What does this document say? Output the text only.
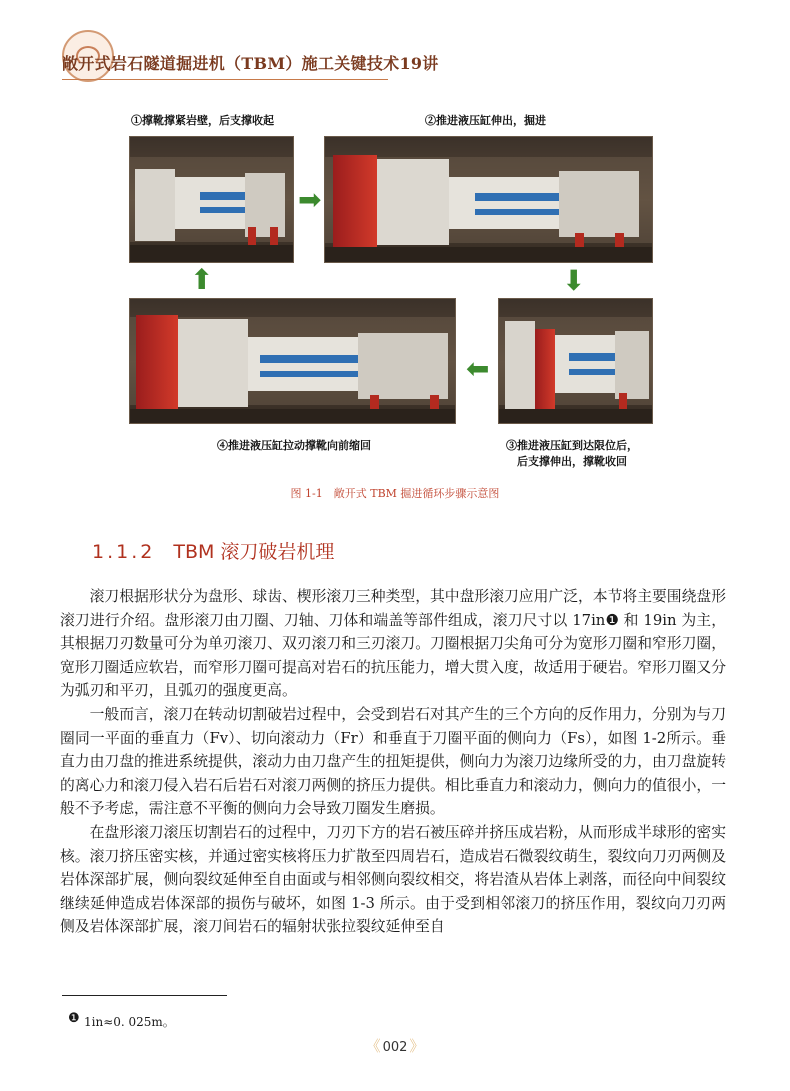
敞开式岩石隧道掘进机（TBM）施工关键技术19讲
①撑靴撑紧岩壁，后支撑收起	②推进液压缸伸出，掘进
➡
⬇
⬆
⬅
④推进液压缸拉动撑靴向前缩回	③推进液压缸到达限位后，
后支撑伸出，撑靴收回
图 1-1　敞开式 TBM 掘进循环步骤示意图
1.1.2 TBM 滚刀破岩机理

滚刀根据形状分为盘形、球齿、楔形滚刀三种类型，其中盘形滚刀应用广泛，本节将主要围绕盘形滚刀进行介绍。盘形滚刀由刀圈、刀轴、刀体和端盖等部件组成，滚刀尺寸以 17in❶ 和 19in 为主，其根据刀刃数量可分为单刃滚刀、双刃滚刀和三刃滚刀。刀圈根据刀尖角可分为宽形刀圈和窄形刀圈，宽形刀圈适应软岩，而窄形刀圈可提高对岩石的抗压能力，增大贯入度，故适用于硬岩。窄形刀圈又分为弧刃和平刃，且弧刃的强度更高。

一般而言，滚刀在转动切割破岩过程中，会受到岩石对其产生的三个方向的反作用力，分别为与刀圈同一平面的垂直力（Fv）、切向滚动力（Fr）和垂直于刀圈平面的侧向力（Fs），如图 1-2所示。垂直力由刀盘的推进系统提供，滚动力由刀盘产生的扭矩提供，侧向力为滚刀边缘所受的力，由刀盘旋转的离心力和滚刀侵入岩石后岩石对滚刀两侧的挤压力提供。相比垂直力和滚动力，侧向力的值很小，一般不予考虑，需注意不平衡的侧向力会导致刀圈发生磨损。

在盘形滚刀滚压切割岩石的过程中，刀刃下方的岩石被压碎并挤压成岩粉，从而形成半球形的密实核。滚刀挤压密实核，并通过密实核将压力扩散至四周岩石，造成岩石微裂纹萌生，裂纹向刀刃两侧及岩体深部扩展，侧向裂纹延伸至自由面或与相邻侧向裂纹相交，将岩渣从岩体上剥落，而径向中间裂纹继续延伸造成岩体深部的损伤与破坏，如图 1-3 所示。由于受到相邻滚刀的挤压作用，裂纹向刀刃两侧及岩体深部扩展，滚刀间岩石的辐射状张拉裂纹延伸至自

❶ 1in≈0. 025m。
《 002 》
